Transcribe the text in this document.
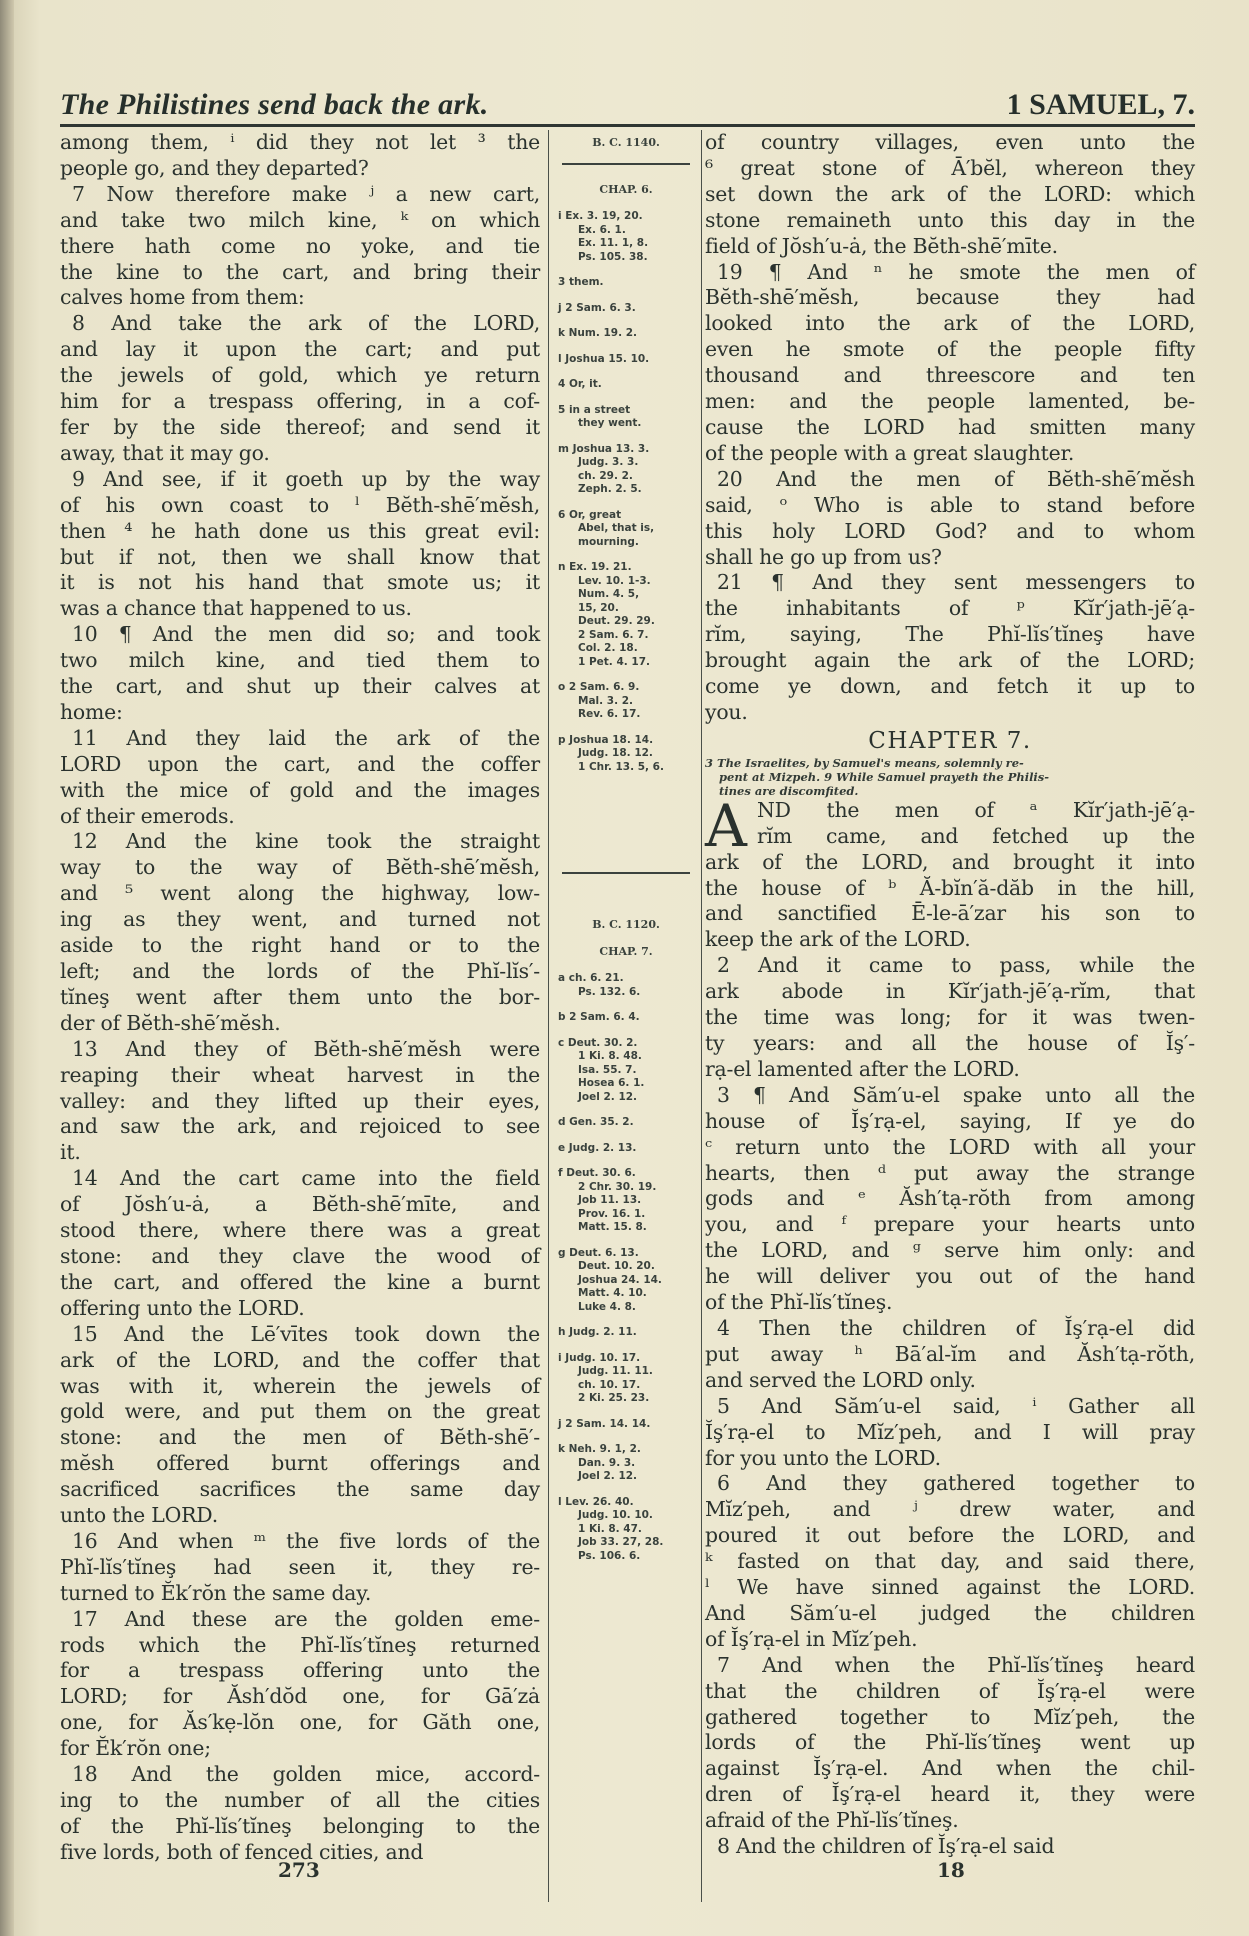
The Philistines send back the ark.	1 SAMUEL, 7.
among them, ⁱ did they not let ³ the
people go, and they departed?
7 Now therefore make ʲ a new cart,
and take two milch kine, ᵏ on which
there hath come no yoke, and tie
the kine to the cart, and bring their
calves home from them:
8 And take the ark of the LORD,
and lay it upon the cart; and put
the jewels of gold, which ye return
him for a trespass offering, in a cof-
fer by the side thereof; and send it
away, that it may go.
9 And see, if it goeth up by the way
of his own coast to ˡ Bĕth-shē′mĕsh,
then ⁴ he hath done us this great evil:
but if not, then we shall know that
it is not his hand that smote us; it
was a chance that happened to us.
10 ¶ And the men did so; and took
two milch kine, and tied them to
the cart, and shut up their calves at
home:
11 And they laid the ark of the
LORD upon the cart, and the coffer
with the mice of gold and the images
of their emerods.
12 And the kine took the straight
way to the way of Bĕth-shē′mĕsh,
and ⁵ went along the highway, low-
ing as they went, and turned not
aside to the right hand or to the
left; and the lords of the Phĭ-lĭs′-
tĭneş went after them unto the bor-
der of Bĕth-shē′mĕsh.
13 And they of Bĕth-shē′mĕsh were
reaping their wheat harvest in the
valley: and they lifted up their eyes,
and saw the ark, and rejoiced to see
it.
14 And the cart came into the field
of Jŏsh′u-ȧ, a Bĕth-shē′mīte, and
stood there, where there was a great
stone: and they clave the wood of
the cart, and offered the kine a burnt
offering unto the LORD.
15 And the Lē′vītes took down the
ark of the LORD, and the coffer that
was with it, wherein the jewels of
gold were, and put them on the great
stone: and the men of Bĕth-shē′-
mĕsh offered burnt offerings and
sacrificed sacrifices the same day
unto the LORD.
16 And when ᵐ the five lords of the
Phĭ-lĭs′tĭneş had seen it, they re-
turned to Ĕk′rŏn the same day.
17 And these are the golden eme-
rods which the Phĭ-lĭs′tĭneş returned
for a trespass offering unto the
LORD; for Ăsh′dŏd one, for Gā′zȧ
one, for Ăs′kẹ-lŏn one, for Găth one,
for Ĕk′rŏn one;
18 And the golden mice, accord-
ing to the number of all the cities
of the Phĭ-lĭs′tĭneş belonging to the
five lords, both of fenced cities, and
B. C. 1140.
CHAP. 6.
i Ex. 3. 19, 20.
Ex. 6. 1.
Ex. 11. 1, 8.
Ps. 105. 38.
3 them.
j 2 Sam. 6. 3.
k Num. 19. 2.
l Joshua 15. 10.
4 Or, it.
5 in a street
they went.
m Joshua 13. 3.
Judg. 3. 3.
ch. 29. 2.
Zeph. 2. 5.
6 Or, great
Abel, that is,
mourning.
n Ex. 19. 21.
Lev. 10. 1-3.
Num. 4. 5,
15, 20.
Deut. 29. 29.
2 Sam. 6. 7.
Col. 2. 18.
1 Pet. 4. 17.
o 2 Sam. 6. 9.
Mal. 3. 2.
Rev. 6. 17.
p Joshua 18. 14.
Judg. 18. 12.
1 Chr. 13. 5, 6.
B. C. 1120.
CHAP. 7.
a ch. 6. 21.
Ps. 132. 6.
b 2 Sam. 6. 4.
c Deut. 30. 2.
1 Ki. 8. 48.
Isa. 55. 7.
Hosea 6. 1.
Joel 2. 12.
d Gen. 35. 2.
e Judg. 2. 13.
f Deut. 30. 6.
2 Chr. 30. 19.
Job 11. 13.
Prov. 16. 1.
Matt. 15. 8.
g Deut. 6. 13.
Deut. 10. 20.
Joshua 24. 14.
Matt. 4. 10.
Luke 4. 8.
h Judg. 2. 11.
i Judg. 10. 17.
Judg. 11. 11.
ch. 10. 17.
2 Ki. 25. 23.
j 2 Sam. 14. 14.
k Neh. 9. 1, 2.
Dan. 9. 3.
Joel 2. 12.
l Lev. 26. 40.
Judg. 10. 10.
1 Ki. 8. 47.
Job 33. 27, 28.
Ps. 106. 6.
of country villages, even unto the
⁶ great stone of Ā′bĕl, whereon they
set down the ark of the LORD: which
stone remaineth unto this day in the
field of Jŏsh′u-ȧ, the Bĕth-shē′mīte.
19 ¶ And ⁿ he smote the men of
Bĕth-shē′mĕsh, because they had
looked into the ark of the LORD,
even he smote of the people fifty
thousand and threescore and ten
men: and the people lamented, be-
cause the LORD had smitten many
of the people with a great slaughter.
20 And the men of Bĕth-shē′mĕsh
said, ᵒ Who is able to stand before
this holy LORD God? and to whom
shall he go up from us?
21 ¶ And they sent messengers to
the inhabitants of ᵖ Kĭr′jath-jē′ạ-
rĭm, saying, The Phĭ-lĭs′tĭneş have
brought again the ark of the LORD;
come ye down, and fetch it up to
you.
CHAPTER 7.
3 The Israelites, by Samuel's means, solemnly re-
pent at Mizpeh. 9 While Samuel prayeth the Philis-
tines are discomfited.
A ND the men of ᵃ Kĭr′jath-jē′ạ-
rĭm came, and fetched up the
ark of the LORD, and brought it into
the house of ᵇ Ă-bĭn′ă-dăb in the hill,
and sanctified Ē-le-ā′zar his son to
keep the ark of the LORD.
2 And it came to pass, while the
ark abode in Kĭr′jath-jē′ạ-rĭm, that
the time was long; for it was twen-
ty years: and all the house of Ĭş′-
rạ-el lamented after the LORD.
3 ¶ And Săm′u-el spake unto all the
house of Ĭş′rạ-el, saying, If ye do
ᶜ return unto the LORD with all your
hearts, then ᵈ put away the strange
gods and ᵉ Ăsh′tạ-rŏth from among
you, and ᶠ prepare your hearts unto
the LORD, and ᵍ serve him only: and
he will deliver you out of the hand
of the Phĭ-lĭs′tĭneş.
4 Then the children of Ĭş′rạ-el did
put away ʰ Bā′al-ĭm and Ăsh′tạ-rŏth,
and served the LORD only.
5 And Săm′u-el said, ⁱ Gather all
Ĭş′rạ-el to Mĭz′peh, and I will pray
for you unto the LORD.
6 And they gathered together to
Mĭz′peh, and ʲ drew water, and
poured it out before the LORD, and
ᵏ fasted on that day, and said there,
ˡ We have sinned against the LORD.
And Săm′u-el judged the children
of Ĭş′rạ-el in Mĭz′peh.
7 And when the Phĭ-lĭs′tĭneş heard
that the children of Ĭş′rạ-el were
gathered together to Mĭz′peh, the
lords of the Phĭ-lĭs′tĭneş went up
against Ĭş′rạ-el. And when the chil-
dren of Ĭş′rạ-el heard it, they were
afraid of the Phĭ-lĭs′tĭneş.
8 And the children of Ĭş′rạ-el said
273	18
